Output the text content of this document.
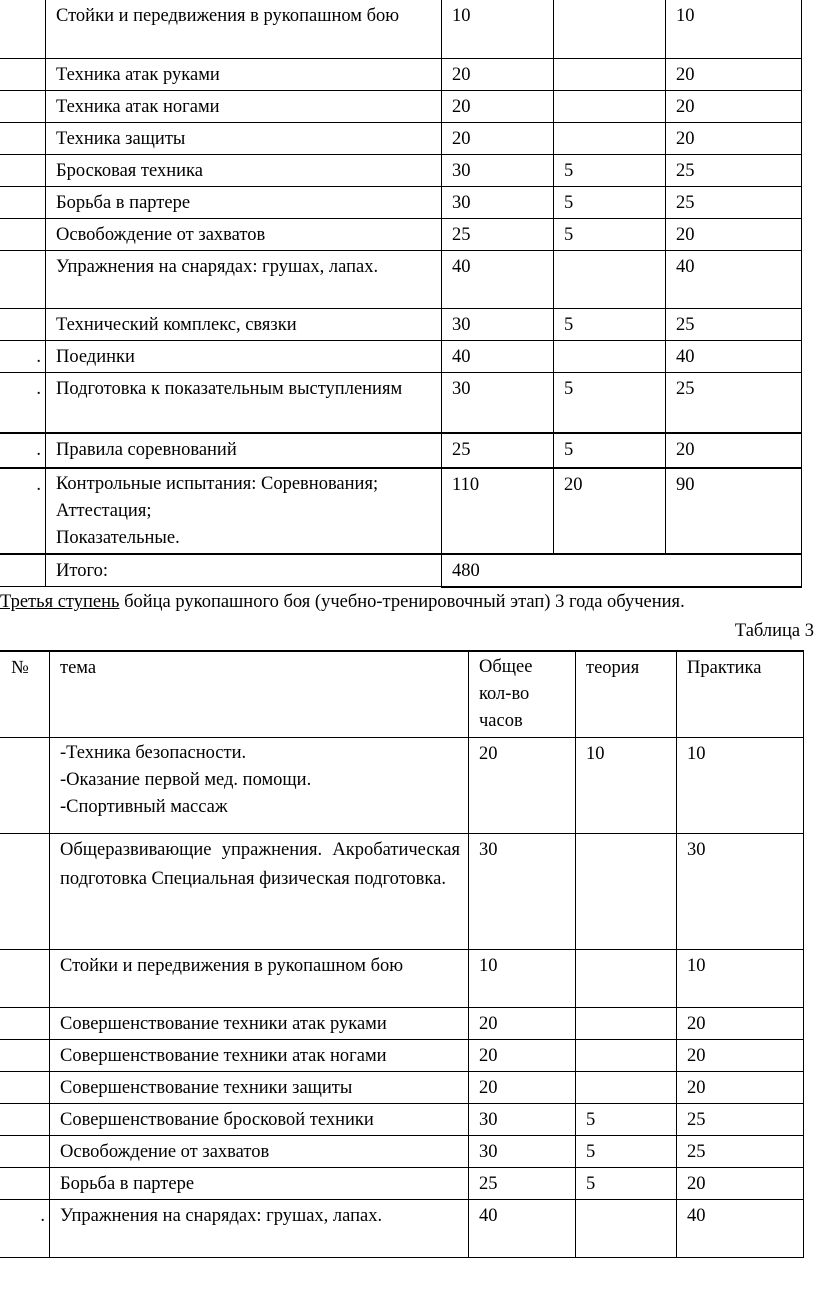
	Стойки и передвижения в рукопашном бою	10		10
	Техника атак руками	20		20
	Техника атак ногами	20		20
	Техника защиты	20		20
	Бросковая техника	30	5	25
	Борьба в партере	30	5	25
	Освобождение от захватов	25	5	20
	Упражнения на снарядах: грушах, лапах.	40		40
	Технический комплекс, связки	30	5	25
.	Поединки	40		40
.	Подготовка к показательным выступлениям	30	5	25
.	Правила соревнований	25	5	20
.	Контрольные испытания: Соревнования;
Аттестация;
Показательные.	110	20	90
	Итого:	480		
Третья ступень бойца рукопашного боя (учебно-тренировочный этап) 3 года обучения.
Таблица 3
№	тема	Общее
кол-во
часов	теория	Практика

	-Техника безопасности.
-Оказание первой мед. помощи.
-Спортивный массаж	20	10	10
	Общеразвивающие упражнения. Акробатическая подготовка Специальная физическая подготовка.	30		30
	Стойки и передвижения в рукопашном бою	10		10
	Совершенствование техники атак руками	20		20
	Совершенствование техники атак ногами	20		20
	Совершенствование техники защиты	20		20
	Совершенствование бросковой техники	30	5	25
	Освобождение от захватов	30	5	25
	Борьба в партере	25	5	20
.	Упражнения на снарядах: грушах, лапах.	40		40
